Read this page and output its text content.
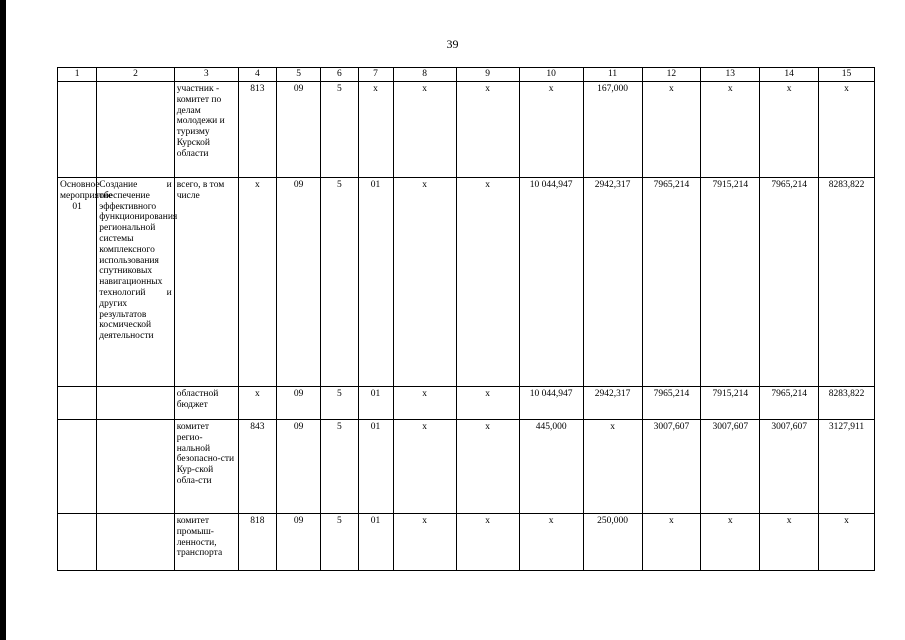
39
1	2	3	4	5	6	7	8	9	10	11	12	13	14	15
		участник - комитет по делам молодежи и туризму Курской области	813	09	5	x	x	x	x	167,000	x	x	x	x
Основное мероприятие 01	Создание и обеспечение эффективного функционирования региональной системы комплексного использования спутниковых навигационных технологий и других результатов космической деятельности	всего, в том числе	x	09	5	01	x	x	10 044,947	2942,317	7965,214	7915,214	7965,214	8283,822
		областной бюджет	x	09	5	01	x	x	10 044,947	2942,317	7965,214	7915,214	7965,214	8283,822
		комитет регио-нальной безопасно-сти Кур-ской обла-сти	843	09	5	01	x	x	445,000	x	3007,607	3007,607	3007,607	3127,911
		комитет промыш-ленности, транспорта	818	09	5	01	x	x	x	250,000	x	x	x	x
